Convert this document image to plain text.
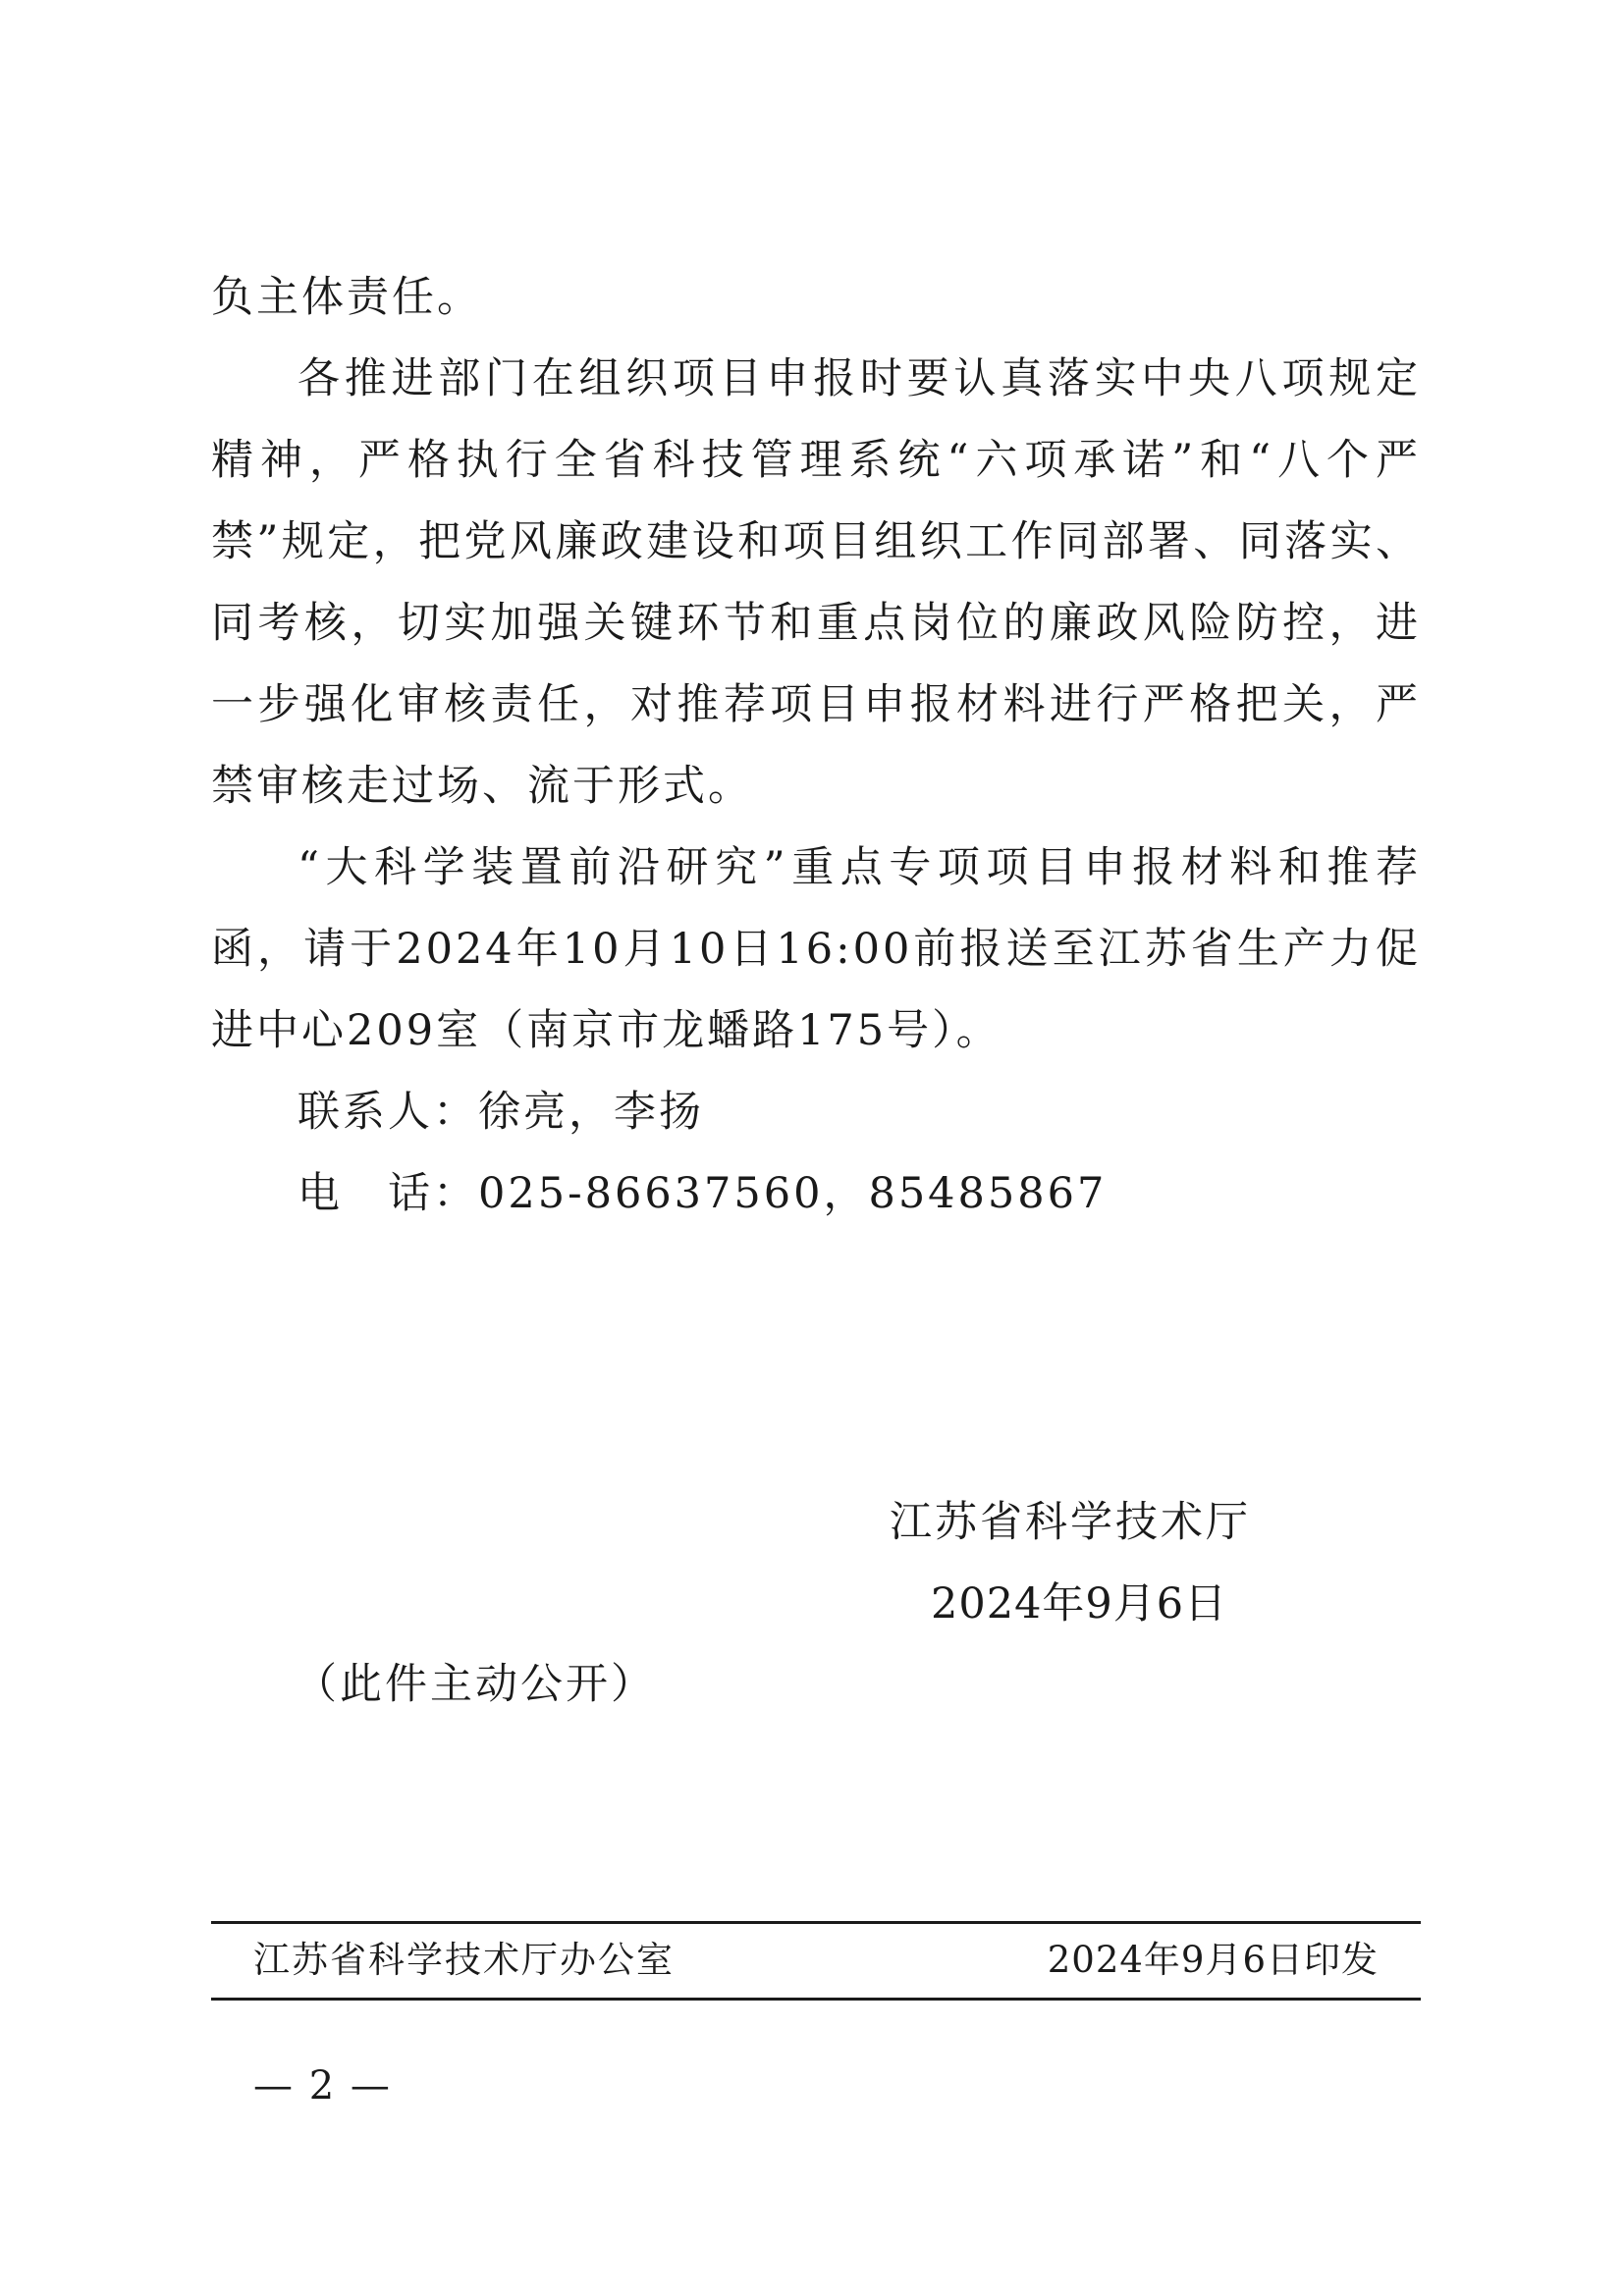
负主体责任。

各推进部门在组织项目申报时要认真落实中央八项规定精神，严格执行全省科技管理系统“六项承诺”和“八个严禁”规定，把党风廉政建设和项目组织工作同部署、同落实、同考核，切实加强关键环节和重点岗位的廉政风险防控，进一步强化审核责任，对推荐项目申报材料进行严格把关，严禁审核走过场、流于形式。

“大科学装置前沿研究”重点专项项目申报材料和推荐函，请于2024年10月10日16:00前报送至江苏省生产力促进中心209室（南京市龙蟠路175号）。

联系人：徐亮，李扬

电　话：025-86637560，85485867

江苏省科学技术厅
2024年9月6日
（此件主动公开）
江苏省科学技术厅办公室	2024年9月6日印发
— 2 —
